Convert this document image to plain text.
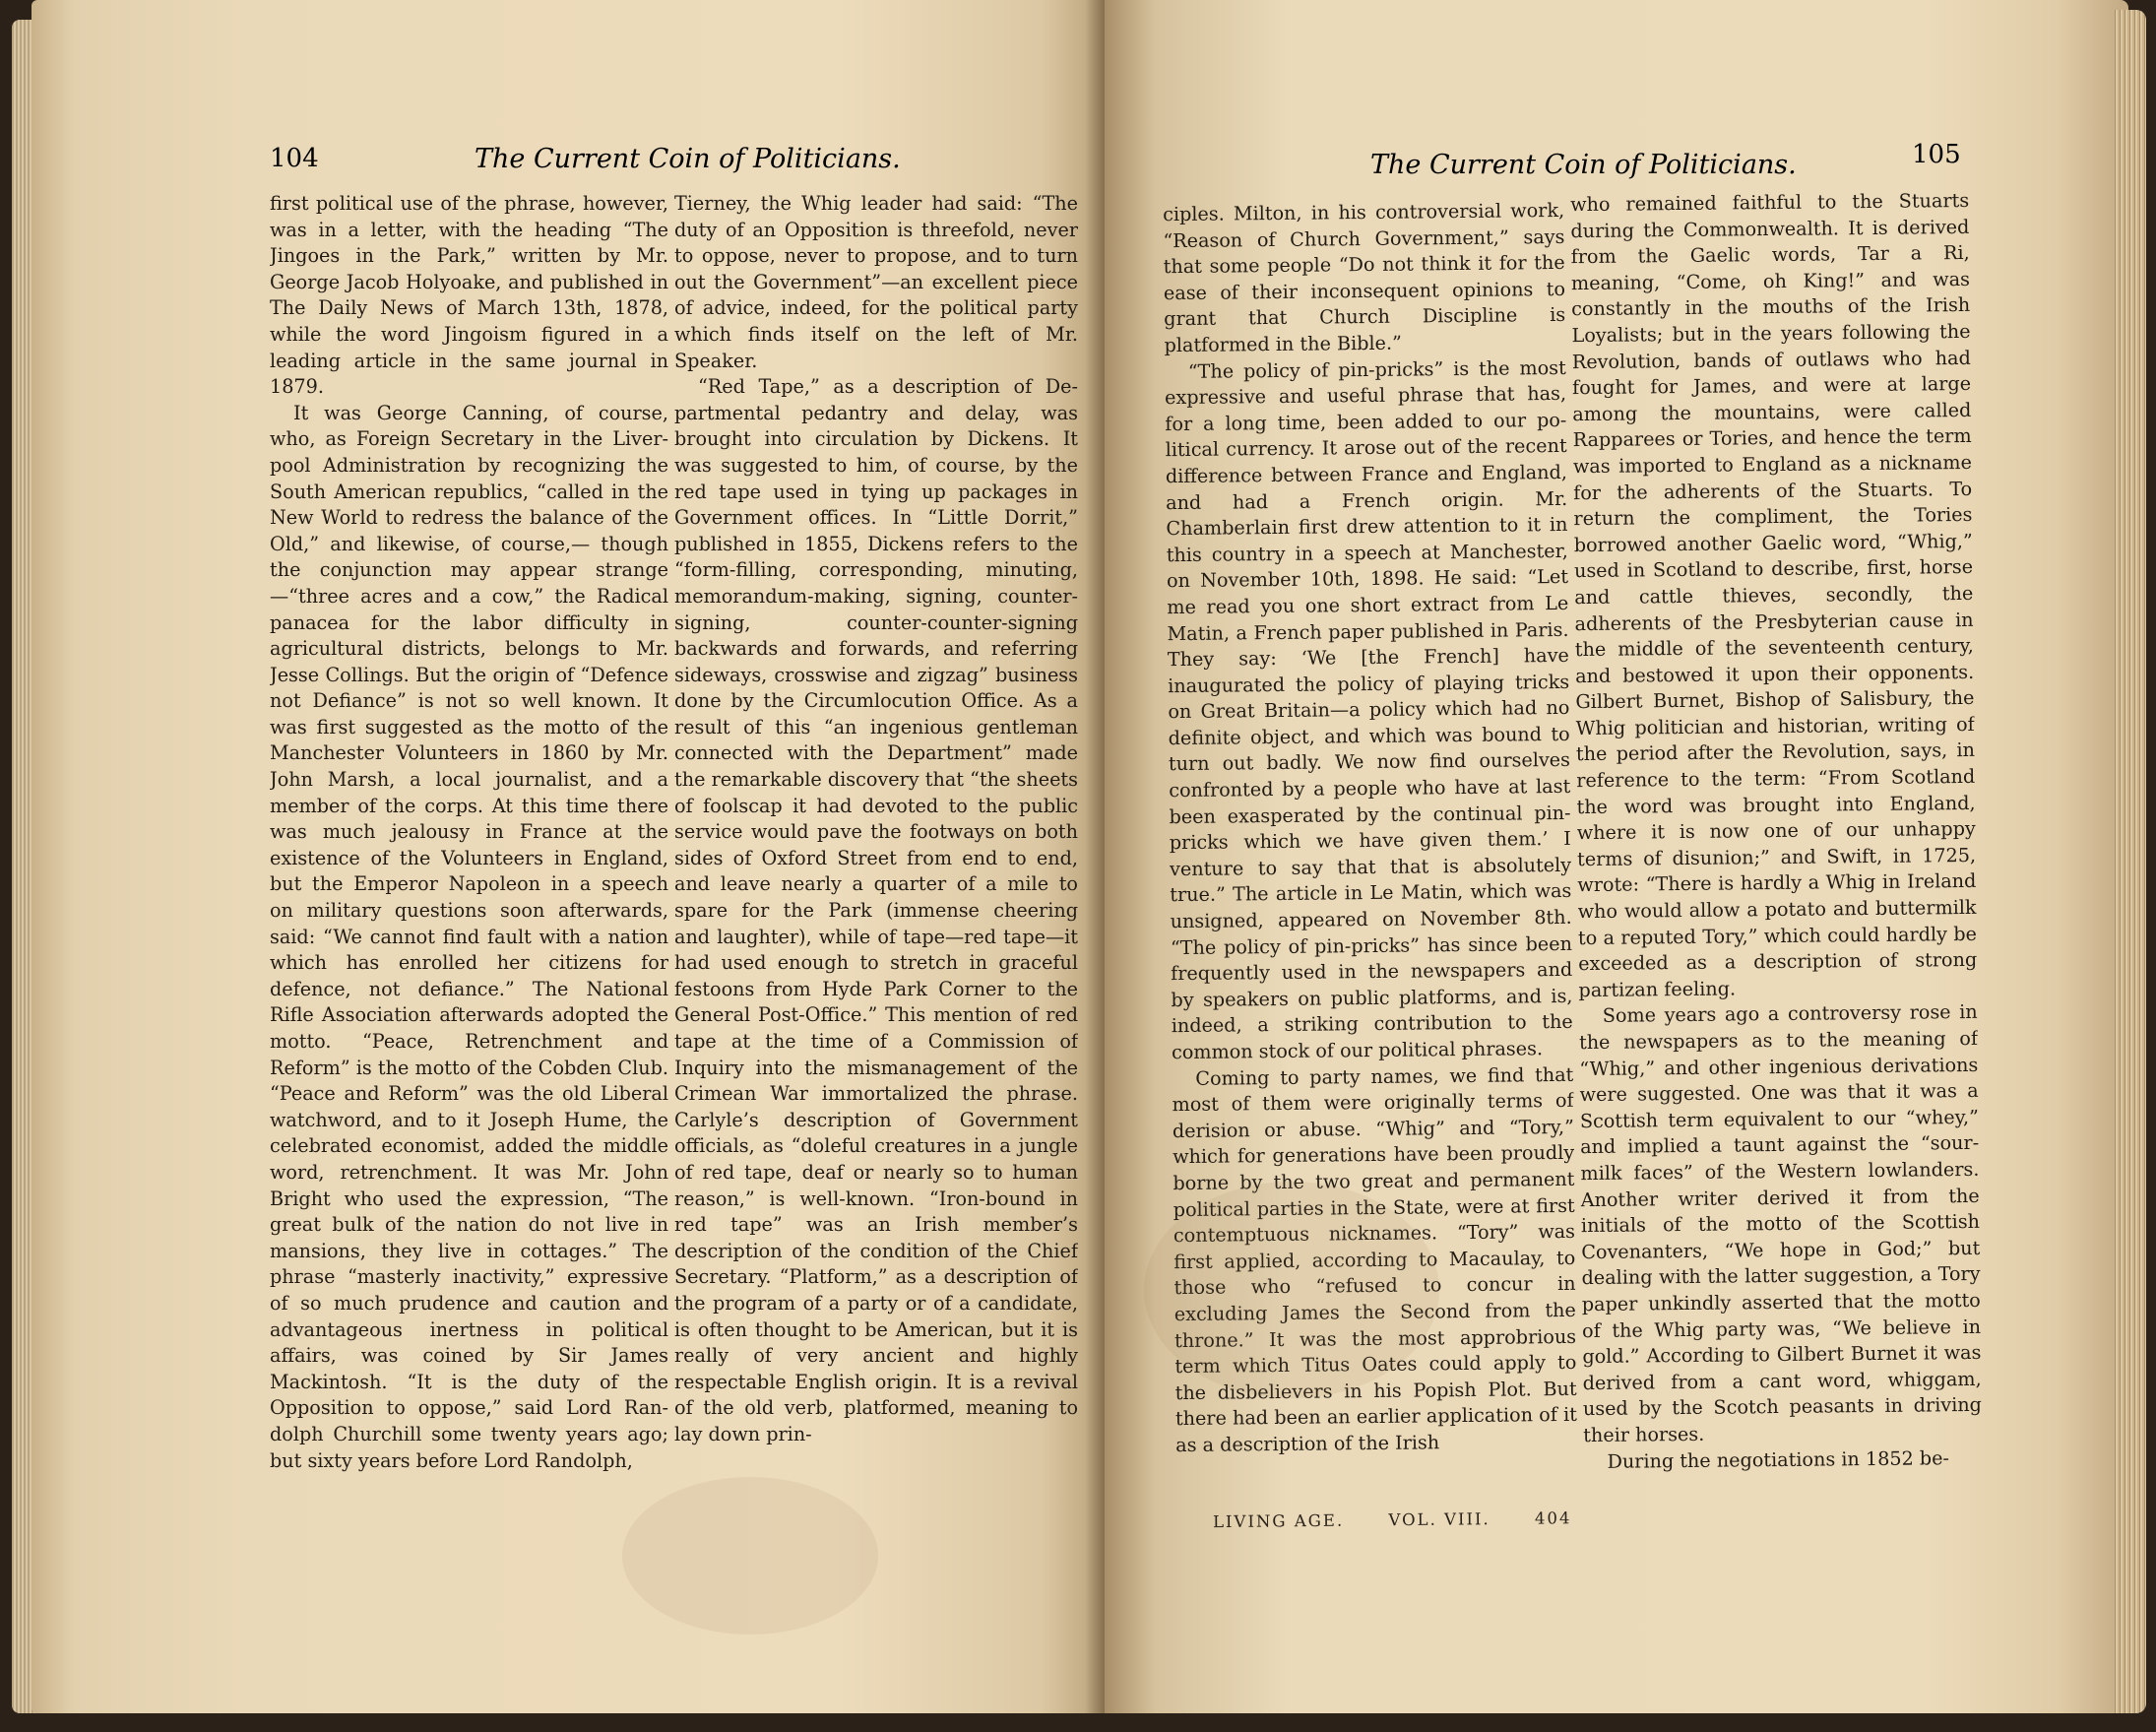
104	The Current Coin of Politicians.

first political use of the phrase, however, was in a letter, with the heading “The Jingoes in the Park,” written by Mr. George Jacob Holyoake, and published in The Daily News of March 13th, 1878, while the word Jingoism figured in a leading article in the same journal in 1879.

It was George Canning, of course, who, as Foreign Secretary in the Liverpool Administration by recognizing the South American republics, “called in the New World to redress the balance of the Old,” and likewise, of course,— though the conjunction may appear strange—“three acres and a cow,” the Radical panacea for the labor difficulty in agricultural districts, belongs to Mr. Jesse Collings. But the origin of “Defence not Defiance” is not so well known. It was first suggested as the motto of the Manchester Volunteers in 1860 by Mr. John Marsh, a local journalist, and a member of the corps. At this time there was much jealousy in France at the existence of the Volunteers in England, but the Emperor Napoleon in a speech on military questions soon afterwards, said: “We cannot find fault with a nation which has enrolled her citizens for defence, not defiance.” The National Rifle Association afterwards adopted the motto. “Peace, Retrenchment and Reform” is the motto of the Cobden Club. “Peace and Reform” was the old Liberal watchword, and to it Joseph Hume, the celebrated economist, added the middle word, retrenchment. It was Mr. John Bright who used the expression, “The great bulk of the nation do not live in mansions, they live in cottages.” The phrase “masterly inactivity,” expressive of so much prudence and caution and advantageous inertness in political affairs, was coined by Sir James Mackintosh. “It is the duty of the Opposition to oppose,” said Lord Randolph Churchill some twenty years ago; but sixty years before Lord Randolph,

Tierney, the Whig leader had said: “The duty of an Opposition is threefold, never to oppose, never to propose, and to turn out the Government”—an excellent piece of advice, indeed, for the political party which finds itself on the left of Mr. Speaker.

“Red Tape,” as a description of Departmental pedantry and delay, was brought into circulation by Dickens. It was suggested to him, of course, by the red tape used in tying up packages in Government offices. In “Little Dorrit,” published in 1855, Dickens refers to the “form-filling, corresponding, minuting, memorandum-making, signing, counter-signing, counter-counter-signing backwards and forwards, and referring sideways, crosswise and zigzag” business done by the Circumlocution Office. As a result of this “an ingenious gentleman connected with the Department” made the remarkable discovery that “the sheets of foolscap it had devoted to the public service would pave the footways on both sides of Oxford Street from end to end, and leave nearly a quarter of a mile to spare for the Park (immense cheering and laughter), while of tape—red tape—it had used enough to stretch in graceful festoons from Hyde Park Corner to the General Post-Office.” This mention of red tape at the time of a Commission of Inquiry into the mismanagement of the Crimean War immortalized the phrase. Carlyle’s description of Government officials, as “doleful creatures in a jungle of red tape, deaf or nearly so to human reason,” is well-known. “Iron-bound in red tape” was an Irish member’s description of the condition of the Chief Secretary. “Platform,” as a description of the program of a party or of a candidate, is often thought to be American, but it is really of very ancient and highly respectable English origin. It is a revival of the old verb, platformed, meaning to lay down prin-

The Current Coin of Politicians.	105

ciples. Milton, in his controversial work, “Reason of Church Government,” says that some people “Do not think it for the ease of their inconsequent opinions to grant that Church Discipline is platformed in the Bible.”

“The policy of pin-pricks” is the most expressive and useful phrase that has, for a long time, been added to our political currency. It arose out of the recent difference between France and England, and had a French origin. Mr. Chamberlain first drew attention to it in this country in a speech at Manchester, on November 10th, 1898. He said: “Let me read you one short extract from Le Matin, a French paper published in Paris. They say: ‘We [the French] have inaugurated the policy of playing tricks on Great Britain—a policy which had no definite object, and which was bound to turn out badly. We now find ourselves confronted by a people who have at last been exasperated by the continual pin-pricks which we have given them.’ I venture to say that that is absolutely true.” The article in Le Matin, which was unsigned, appeared on November 8th. “The policy of pin-pricks” has since been frequently used in the newspapers and by speakers on public platforms, and is, indeed, a striking contribution to the common stock of our political phrases.

Coming to party names, we find that most of them were originally terms of derision or abuse. “Whig” and “Tory,” which for generations have been proudly borne by the two great and permanent political parties in the State, were at first contemptuous nicknames. “Tory” was first applied, according to Macaulay, to those who “refused to concur in excluding James the Second from the throne.” It was the most approbrious term which Titus Oates could apply to the disbelievers in his Popish Plot. But there had been an earlier application of it as a description of the Irish

who remained faithful to the Stuarts during the Commonwealth. It is derived from the Gaelic words, Tar a Ri, meaning, “Come, oh King!” and was constantly in the mouths of the Irish Loyalists; but in the years following the Revolution, bands of outlaws who had fought for James, and were at large among the mountains, were called Rapparees or Tories, and hence the term was imported to England as a nickname for the adherents of the Stuarts. To return the compliment, the Tories borrowed another Gaelic word, “Whig,” used in Scotland to describe, first, horse and cattle thieves, secondly, the adherents of the Presbyterian cause in the middle of the seventeenth century, and bestowed it upon their opponents. Gilbert Burnet, Bishop of Salisbury, the Whig politician and historian, writing of the period after the Revolution, says, in reference to the term: “From Scotland the word was brought into England, where it is now one of our unhappy terms of disunion;” and Swift, in 1725, wrote: “There is hardly a Whig in Ireland who would allow a potato and buttermilk to a reputed Tory,” which could hardly be exceeded as a description of strong partizan feeling.

Some years ago a controversy rose in the newspapers as to the meaning of “Whig,” and other ingenious derivations were suggested. One was that it was a Scottish term equivalent to our “whey,” and implied a taunt against the “sour-milk faces” of the Western lowlanders. Another writer derived it from the initials of the motto of the Scottish Covenanters, “We hope in God;” but dealing with the latter suggestion, a Tory paper unkindly asserted that the motto of the Whig party was, “We believe in gold.” According to Gilbert Burnet it was derived from a cant word, whiggam, used by the Scotch peasants in driving their horses.

During the negotiations in 1852 be-

LIVING AGE.	VOL. VIII.	404
